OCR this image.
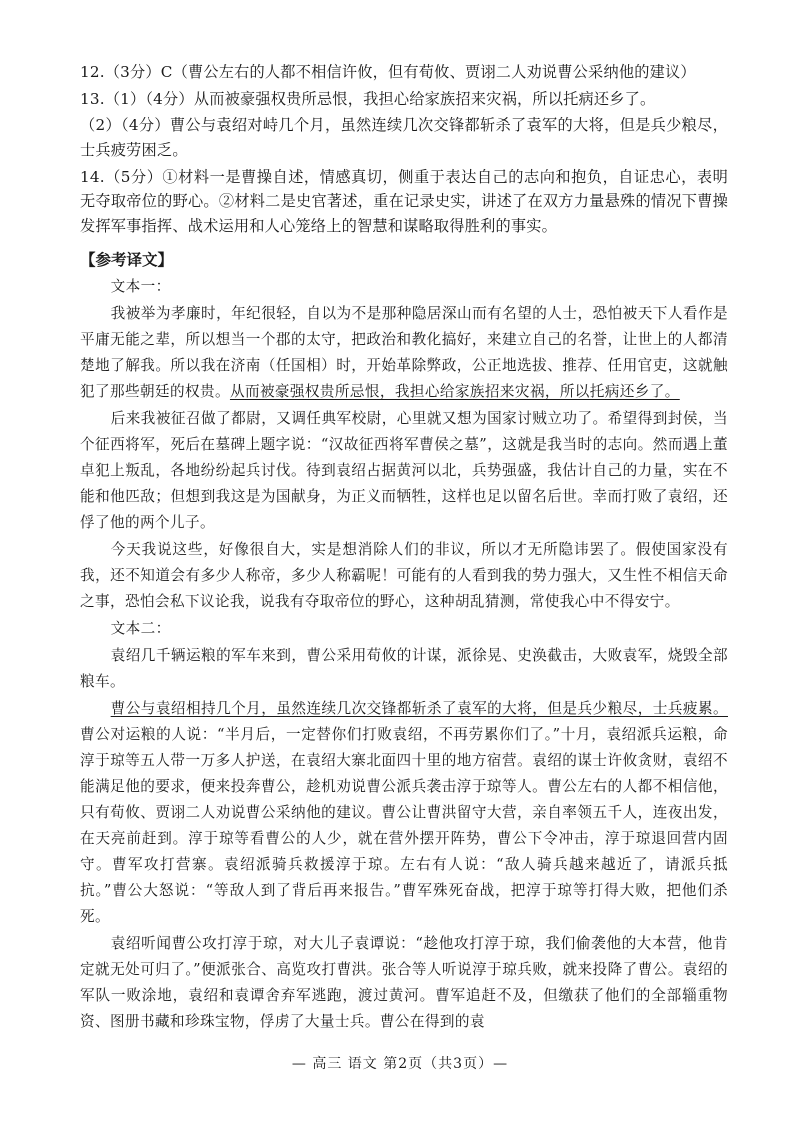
12.（3分）C（曹公左右的人都不相信许攸，但有荀攸、贾诩二人劝说曹公采纳他的建议）

13.（1）（4分）从而被豪强权贵所忌恨，我担心给家族招来灾祸，所以托病还乡了。

（2）（4分）曹公与袁绍对峙几个月，虽然连续几次交锋都斩杀了袁军的大将，但是兵少粮尽，士兵疲劳困乏。

14.（5分）①材料一是曹操自述，情感真切，侧重于表达自己的志向和抱负，自证忠心，表明无夺取帝位的野心。②材料二是史官著述，重在记录史实，讲述了在双方力量悬殊的情况下曹操发挥军事指挥、战术运用和人心笼络上的智慧和谋略取得胜利的事实。

【参考译文】

文本一：

我被举为孝廉时，年纪很轻，自以为不是那种隐居深山而有名望的人士，恐怕被天下人看作是平庸无能之辈，所以想当一个郡的太守，把政治和教化搞好，来建立自己的名誉，让世上的人都清楚地了解我。所以我在济南（任国相）时，开始革除弊政，公正地选拔、推荐、任用官吏，这就触犯了那些朝廷的权贵。从而被豪强权贵所忌恨，我担心给家族招来灾祸，所以托病还乡了。

后来我被征召做了都尉，又调任典军校尉，心里就又想为国家讨贼立功了。希望得到封侯，当个征西将军，死后在墓碑上题字说：“汉故征西将军曹侯之墓”，这就是我当时的志向。然而遇上董卓犯上叛乱，各地纷纷起兵讨伐。待到袁绍占据黄河以北，兵势强盛，我估计自己的力量，实在不能和他匹敌；但想到我这是为国献身，为正义而牺牲，这样也足以留名后世。幸而打败了袁绍，还俘了他的两个儿子。

今天我说这些，好像很自大，实是想消除人们的非议，所以才无所隐讳罢了。假使国家没有我，还不知道会有多少人称帝，多少人称霸呢！可能有的人看到我的势力强大，又生性不相信天命之事，恐怕会私下议论我，说我有夺取帝位的野心，这种胡乱猜测，常使我心中不得安宁。

文本二：

袁绍几千辆运粮的军车来到，曹公采用荀攸的计谋，派徐晃、史涣截击，大败袁军，烧毁全部粮车。

曹公与袁绍相持几个月，虽然连续几次交锋都斩杀了袁军的大将，但是兵少粮尽，士兵疲累。曹公对运粮的人说：“半月后，一定替你们打败袁绍，不再劳累你们了。”十月，袁绍派兵运粮，命淳于琼等五人带一万多人护送，在袁绍大寨北面四十里的地方宿营。袁绍的谋士许攸贪财，袁绍不能满足他的要求，便来投奔曹公，趁机劝说曹公派兵袭击淳于琼等人。曹公左右的人都不相信他，只有荀攸、贾诩二人劝说曹公采纳他的建议。曹公让曹洪留守大营，亲自率领五千人，连夜出发，在天亮前赶到。淳于琼等看曹公的人少，就在营外摆开阵势，曹公下令冲击，淳于琼退回营内固守。曹军攻打营寨。袁绍派骑兵救援淳于琼。左右有人说：“敌人骑兵越来越近了，请派兵抵抗。”曹公大怒说：“等敌人到了背后再来报告。”曹军殊死奋战，把淳于琼等打得大败，把他们杀死。

袁绍听闻曹公攻打淳于琼，对大儿子袁谭说：“趁他攻打淳于琼，我们偷袭他的大本营，他肯定就无处可归了。”便派张合、高览攻打曹洪。张合等人听说淳于琼兵败，就来投降了曹公。袁绍的军队一败涂地，袁绍和袁谭舍弃军逃跑，渡过黄河。曹军追赶不及，但缴获了他们的全部辎重物资、图册书藏和珍珠宝物，俘虏了大量士兵。曹公在得到的袁

— 高三 语文 第2页（共3页）—
